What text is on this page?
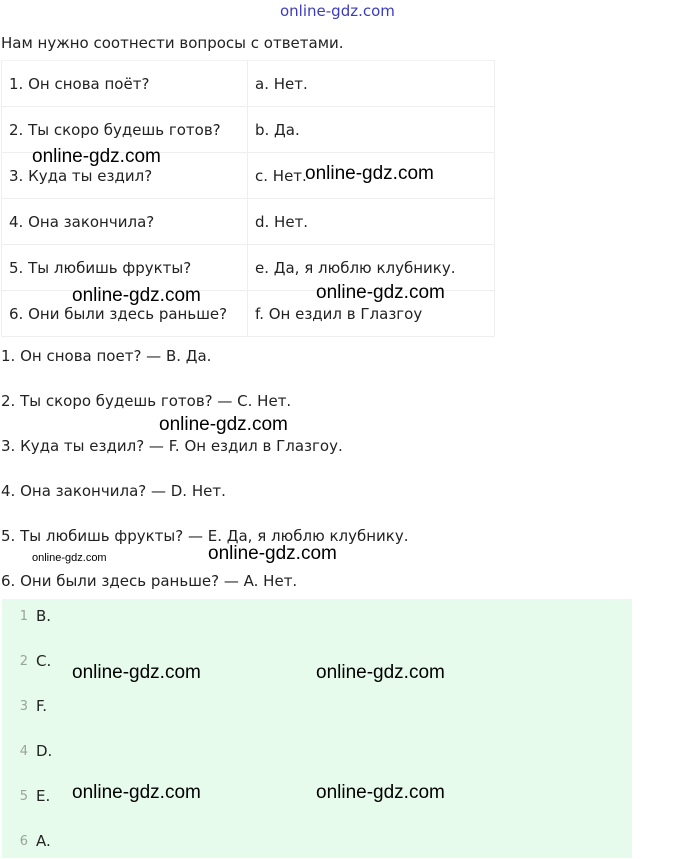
online-gdz.com
Нам нужно соотнести вопросы с ответами.
1. Он снова поёт?	a. Нет.
2. Ты скоро будешь готов?	b. Да.
3. Куда ты ездил?	c. Нет.
4. Она закончила?	d. Нет.
5. Ты любишь фрукты?	e. Да, я люблю клубнику.
6. Они были здесь раньше?	f. Он ездил в Глазгоу
1. Он снова поет? — B. Да.
2. Ты скоро будешь готов? — C. Нет.
3. Куда ты ездил? — F. Он ездил в Глазгоу.
4. Она закончила? — D. Нет.
5. Ты любишь фрукты? — E. Да, я люблю клубнику.
6. Они были здесь раньше? — A. Нет.
1 B.
2 C.
3 F.
4 D.
5 E.
6 A.
online-gdz.com
online-gdz.com
online-gdz.com	online-gdz.com
online-gdz.com
online-gdz.com
online-gdz.com
online-gdz.com	online-gdz.com
online-gdz.com	online-gdz.com
